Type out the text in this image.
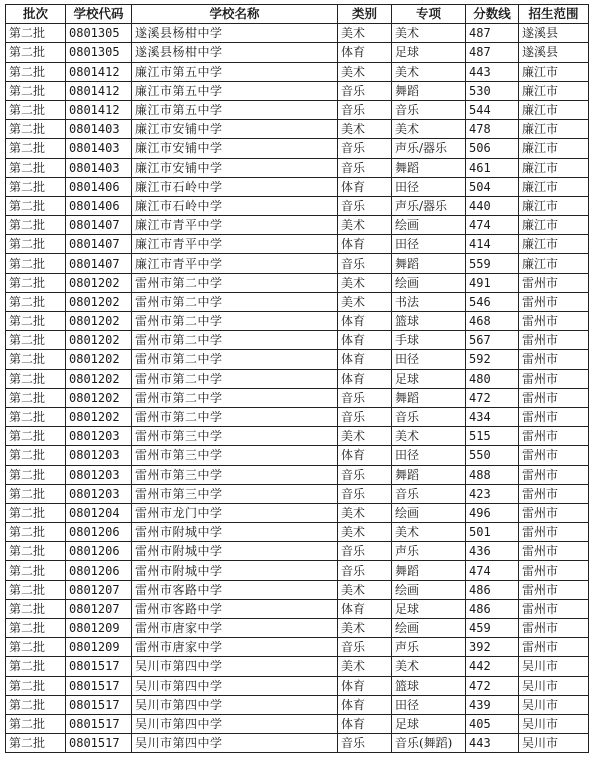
批次	学校代码	学校名称	类别	专项	分数线	招生范围
第二批	0801305	遂溪县杨柑中学	美术	美术	487	遂溪县
第二批	0801305	遂溪县杨柑中学	体育	足球	487	遂溪县
第二批	0801412	廉江市第五中学	美术	美术	443	廉江市
第二批	0801412	廉江市第五中学	音乐	舞蹈	530	廉江市
第二批	0801412	廉江市第五中学	音乐	音乐	544	廉江市
第二批	0801403	廉江市安铺中学	美术	美术	478	廉江市
第二批	0801403	廉江市安铺中学	音乐	声乐/器乐	506	廉江市
第二批	0801403	廉江市安铺中学	音乐	舞蹈	461	廉江市
第二批	0801406	廉江市石岭中学	体育	田径	504	廉江市
第二批	0801406	廉江市石岭中学	音乐	声乐/器乐	440	廉江市
第二批	0801407	廉江市青平中学	美术	绘画	474	廉江市
第二批	0801407	廉江市青平中学	体育	田径	414	廉江市
第二批	0801407	廉江市青平中学	音乐	舞蹈	559	廉江市
第二批	0801202	雷州市第二中学	美术	绘画	491	雷州市
第二批	0801202	雷州市第二中学	美术	书法	546	雷州市
第二批	0801202	雷州市第二中学	体育	篮球	468	雷州市
第二批	0801202	雷州市第二中学	体育	手球	567	雷州市
第二批	0801202	雷州市第二中学	体育	田径	592	雷州市
第二批	0801202	雷州市第二中学	体育	足球	480	雷州市
第二批	0801202	雷州市第二中学	音乐	舞蹈	472	雷州市
第二批	0801202	雷州市第二中学	音乐	音乐	434	雷州市
第二批	0801203	雷州市第三中学	美术	美术	515	雷州市
第二批	0801203	雷州市第三中学	体育	田径	550	雷州市
第二批	0801203	雷州市第三中学	音乐	舞蹈	488	雷州市
第二批	0801203	雷州市第三中学	音乐	音乐	423	雷州市
第二批	0801204	雷州市龙门中学	美术	绘画	496	雷州市
第二批	0801206	雷州市附城中学	美术	美术	501	雷州市
第二批	0801206	雷州市附城中学	音乐	声乐	436	雷州市
第二批	0801206	雷州市附城中学	音乐	舞蹈	474	雷州市
第二批	0801207	雷州市客路中学	美术	绘画	486	雷州市
第二批	0801207	雷州市客路中学	体育	足球	486	雷州市
第二批	0801209	雷州市唐家中学	美术	绘画	459	雷州市
第二批	0801209	雷州市唐家中学	音乐	声乐	392	雷州市
第二批	0801517	吴川市第四中学	美术	美术	442	吴川市
第二批	0801517	吴川市第四中学	体育	篮球	472	吴川市
第二批	0801517	吴川市第四中学	体育	田径	439	吴川市
第二批	0801517	吴川市第四中学	体育	足球	405	吴川市
第二批	0801517	吴川市第四中学	音乐	音乐(舞蹈)	443	吴川市
